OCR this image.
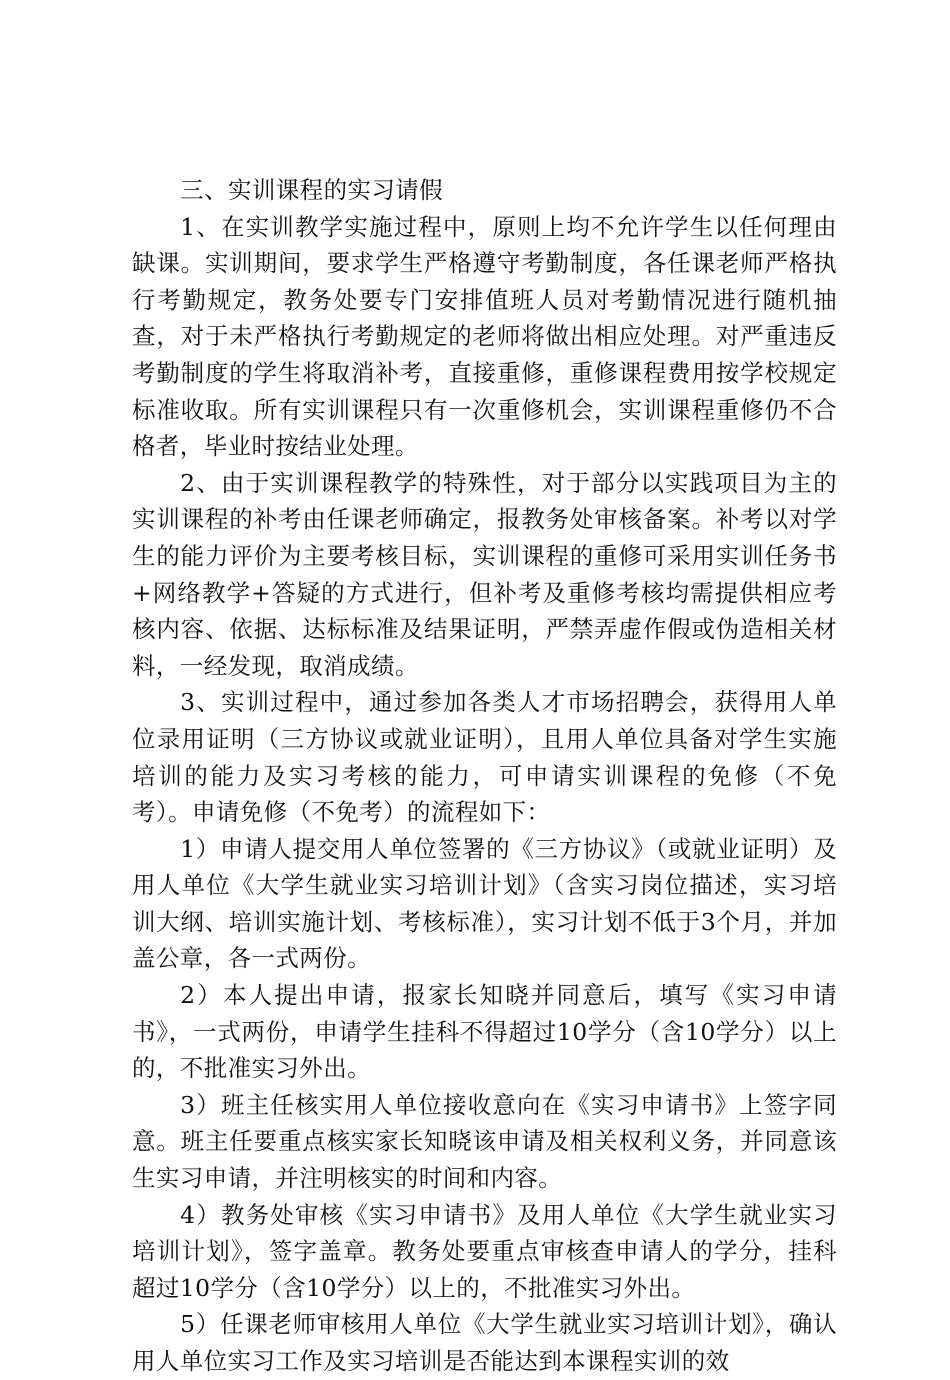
三、实训课程的实习请假

1、在实训教学实施过程中，原则上均不允许学生以任何理由缺课。实训期间，要求学生严格遵守考勤制度，各任课老师严格执行考勤规定，教务处要专门安排值班人员对考勤情况进行随机抽查，对于未严格执行考勤规定的老师将做出相应处理。对严重违反考勤制度的学生将取消补考，直接重修，重修课程费用按学校规定标准收取。所有实训课程只有一次重修机会，实训课程重修仍不合格者，毕业时按结业处理。

2、由于实训课程教学的特殊性，对于部分以实践项目为主的实训课程的补考由任课老师确定，报教务处审核备案。补考以对学生的能力评价为主要考核目标，实训课程的重修可采用实训任务书+网络教学+答疑的方式进行，但补考及重修考核均需提供相应考核内容、依据、达标标准及结果证明，严禁弄虚作假或伪造相关材料，一经发现，取消成绩。

3、实训过程中，通过参加各类人才市场招聘会，获得用人单位录用证明（三方协议或就业证明），且用人单位具备对学生实施培训的能力及实习考核的能力，可申请实训课程的免修（不免考）。申请免修（不免考）的流程如下：

1）申请人提交用人单位签署的《三方协议》（或就业证明）及用人单位《大学生就业实习培训计划》（含实习岗位描述，实习培训大纲、培训实施计划、考核标准），实习计划不低于3个月，并加盖公章，各一式两份。

2）本人提出申请，报家长知晓并同意后，填写《实习申请书》，一式两份，申请学生挂科不得超过10学分（含10学分）以上的，不批准实习外出。

3）班主任核实用人单位接收意向在《实习申请书》上签字同意。班主任要重点核实家长知晓该申请及相关权利义务，并同意该生实习申请，并注明核实的时间和内容。

4）教务处审核《实习申请书》及用人单位《大学生就业实习培训计划》，签字盖章。教务处要重点审核查申请人的学分，挂科超过10学分（含10学分）以上的，不批准实习外出。

5）任课老师审核用人单位《大学生就业实习培训计划》，确认用人单位实习工作及实习培训是否能达到本课程实训的效
